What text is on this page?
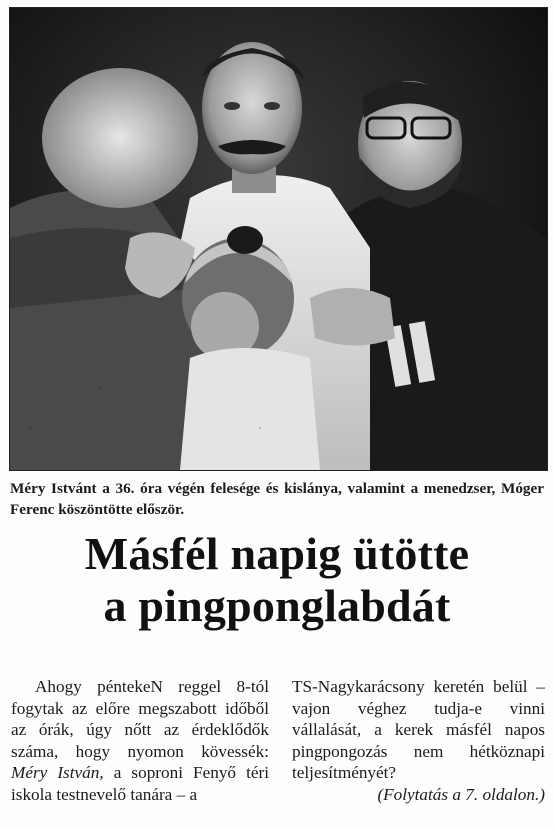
Méry Istvánt a 36. óra végén felesége és kislánya, valamint a menedzser, Móger Ferenc köszöntötte először.
Másfél napig ütötte
a pingponglabdát
Ahogy péntekeN reggel 8-tól fogytak az előre megszabott időből az órák, úgy nőtt az érdeklődők száma, hogy nyomon kövessék: Méry István, a soproni Fenyő téri iskola testnevelő tanára – a
TS-Nagykarácsony keretén belül – vajon véghez tudja-e vinni vállalását, a kerek másfél napos pingpongozás nem hétköznapi teljesítményét?
(Folytatás a 7. oldalon.)
